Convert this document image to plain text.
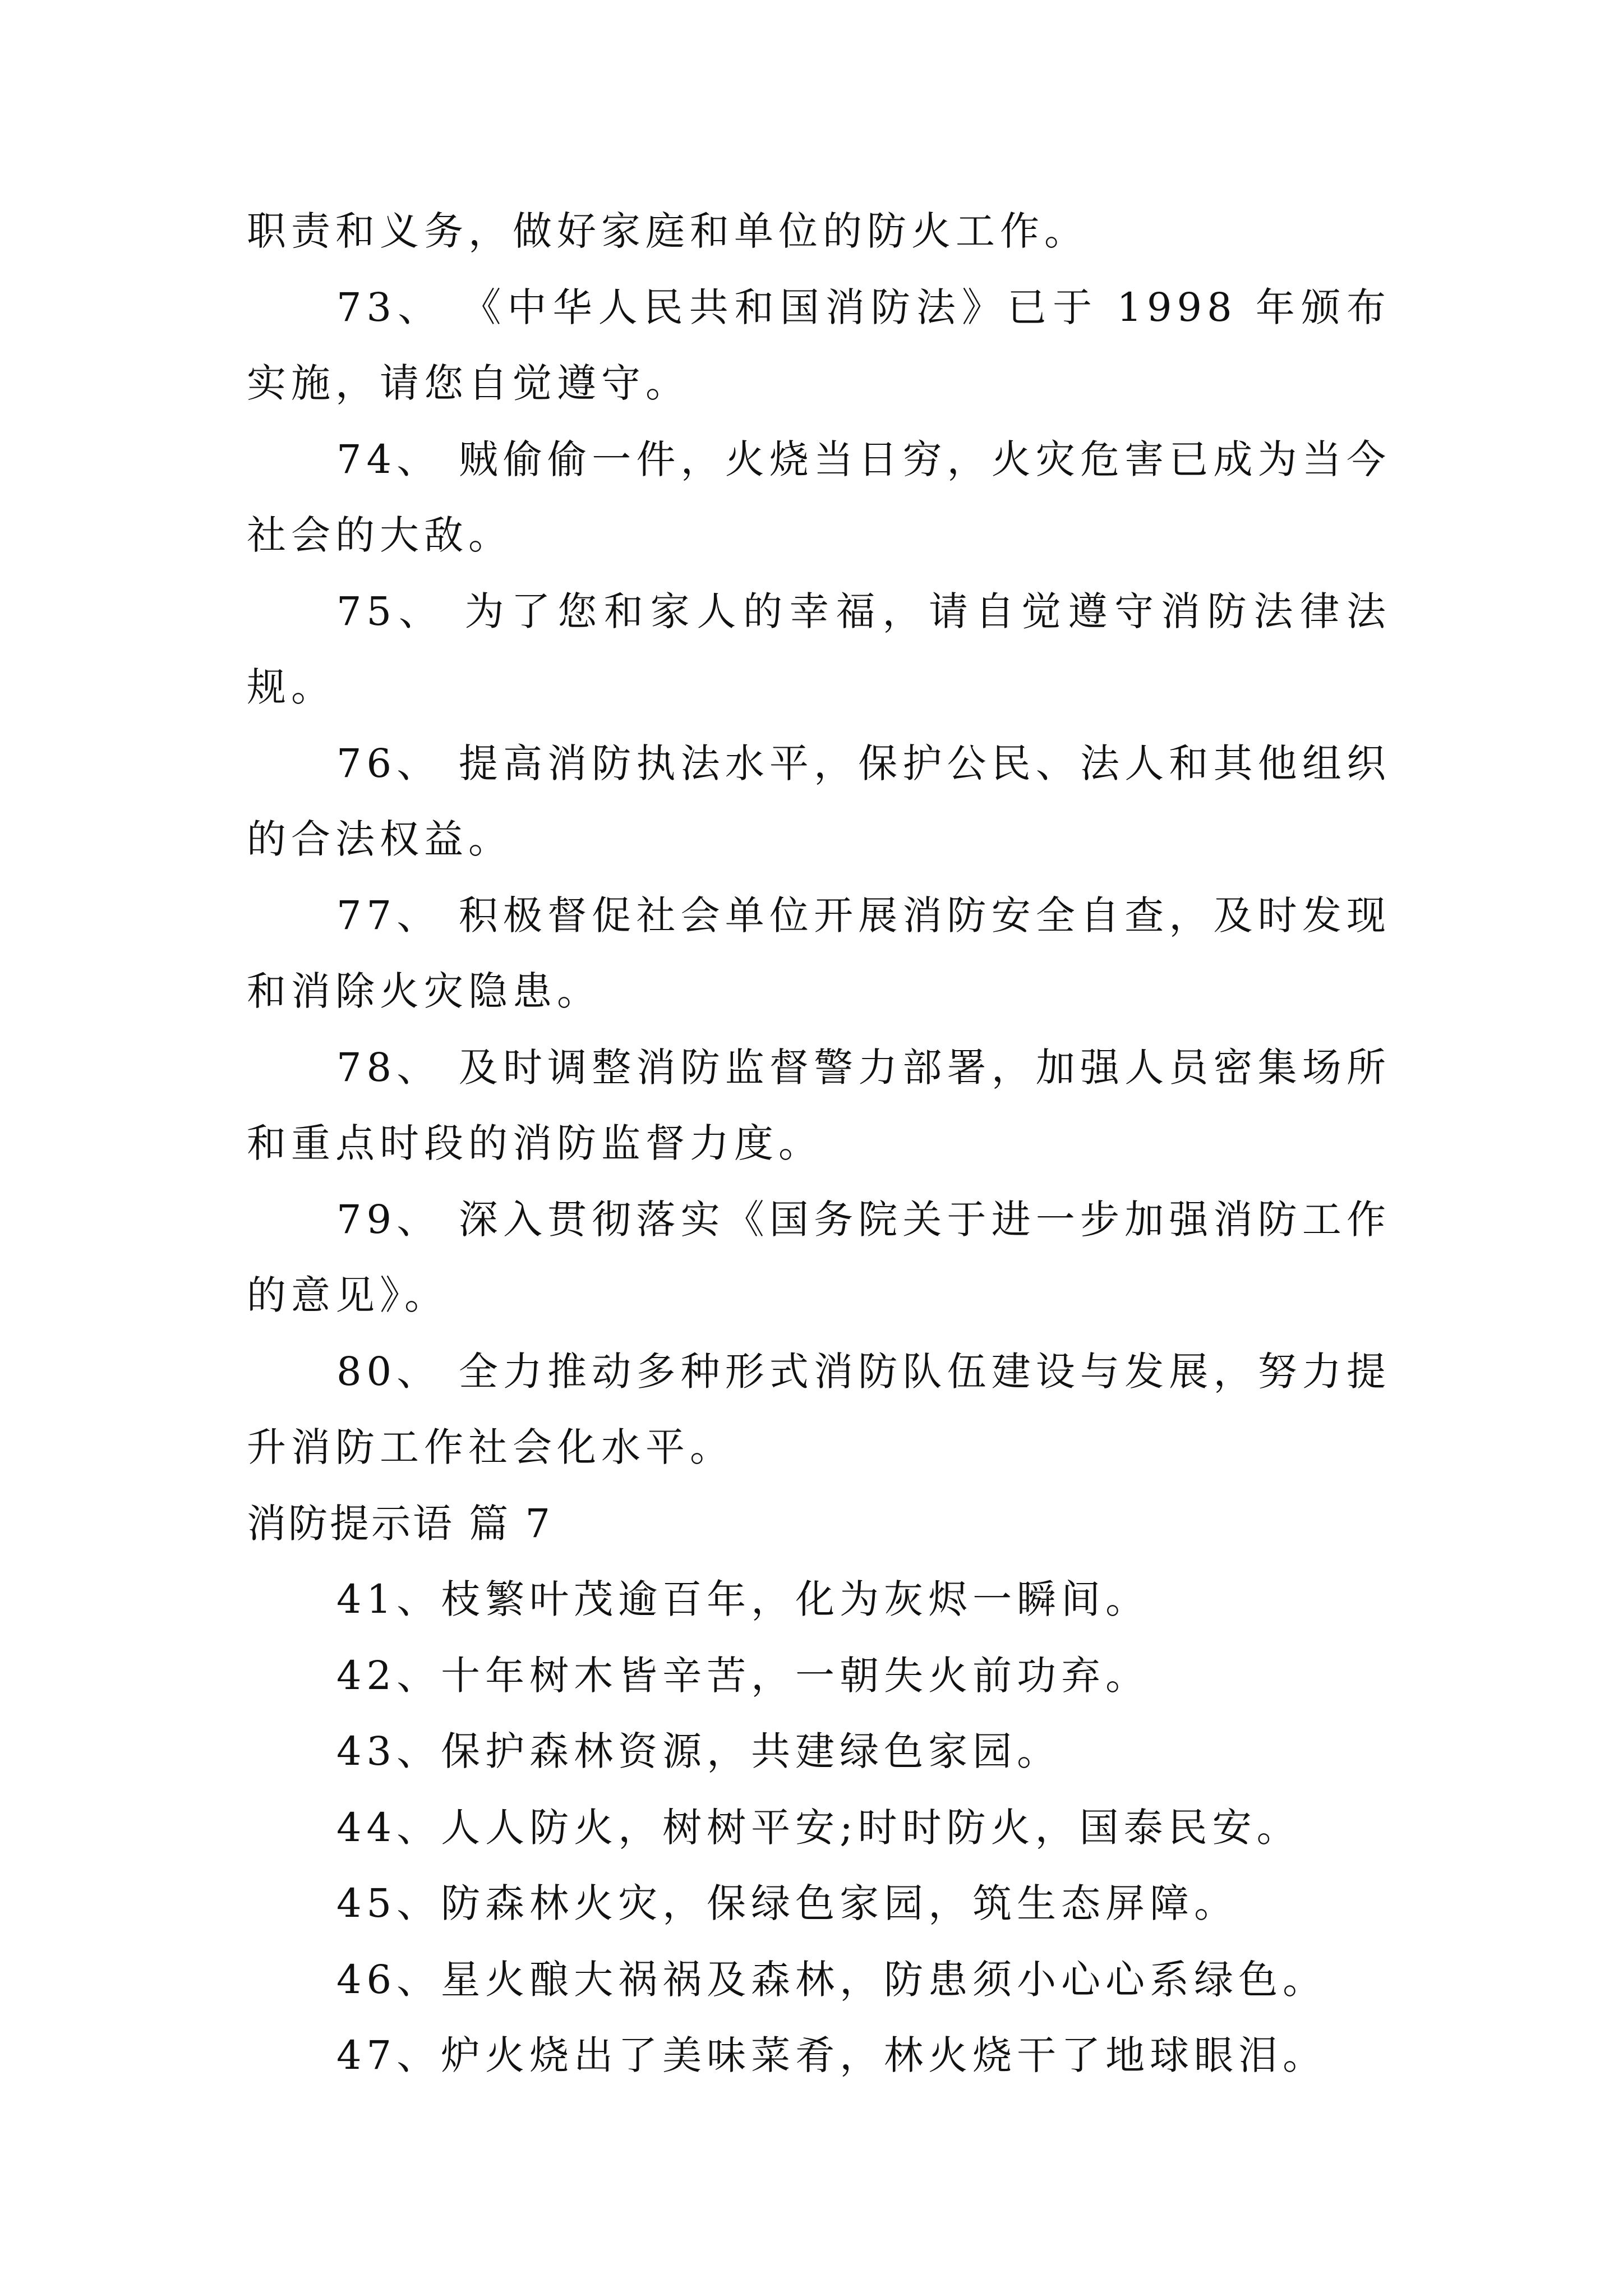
职责和义务，做好家庭和单位的防火工作。

73、 《中华人民共和国消防法》已于 1998 年颁布实施，请您自觉遵守。

74、 贼偷偷一件，火烧当日穷，火灾危害已成为当今社会的大敌。

75、 为了您和家人的幸福，请自觉遵守消防法律法规。

76、 提高消防执法水平，保护公民、法人和其他组织的合法权益。

77、 积极督促社会单位开展消防安全自查，及时发现和消除火灾隐患。

78、 及时调整消防监督警力部署，加强人员密集场所和重点时段的消防监督力度。

79、 深入贯彻落实《国务院关于进一步加强消防工作的意见》。

80、 全力推动多种形式消防队伍建设与发展，努力提升消防工作社会化水平。

消防提示语 篇 7

41、枝繁叶茂逾百年，化为灰烬一瞬间。

42、十年树木皆辛苦，一朝失火前功弃。

43、保护森林资源，共建绿色家园。

44、人人防火，树树平安;时时防火，国泰民安。

45、防森林火灾，保绿色家园，筑生态屏障。

46、星火酿大祸祸及森林，防患须小心心系绿色。

47、炉火烧出了美味菜肴，林火烧干了地球眼泪。
